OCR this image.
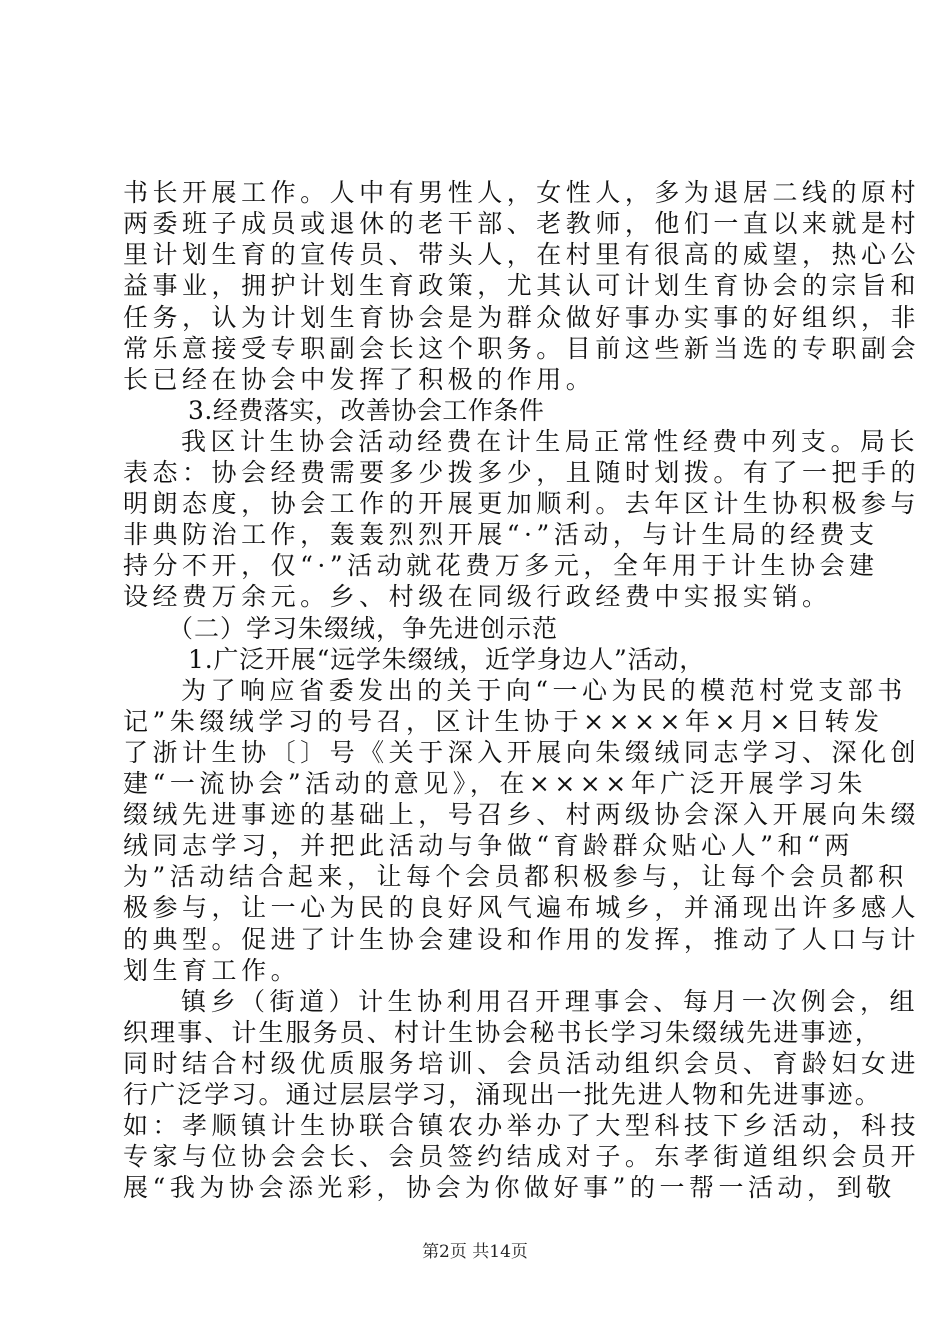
书长开展工作。人中有男性人，女性人，多为退居二线的原村
两委班子成员或退休的老干部、老教师，他们一直以来就是村
里计划生育的宣传员、带头人，在村里有很高的威望，热心公
益事业，拥护计划生育政策，尤其认可计划生育协会的宗旨和
任务，认为计划生育协会是为群众做好事办实事的好组织，非
常乐意接受专职副会长这个职务。目前这些新当选的专职副会
长已经在协会中发挥了积极的作用。
3.经费落实，改善协会工作条件
我区计生协会活动经费在计生局正常性经费中列支。局长
表态：协会经费需要多少拨多少，且随时划拨。有了一把手的
明朗态度，协会工作的开展更加顺利。去年区计生协积极参与
非典防治工作，轰轰烈烈开展“·”活动，与计生局的经费支
持分不开，仅“·”活动就花费万多元，全年用于计生协会建
设经费万余元。乡、村级在同级行政经费中实报实销。
（二）学习朱缀绒，争先进创示范
1.广泛开展“远学朱缀绒，近学身边人”活动，
为了响应省委发出的关于向“一心为民的模范村党支部书
记”朱缀绒学习的号召，区计生协于××××年×月×日转发
了浙计生协〔〕号《关于深入开展向朱缀绒同志学习、深化创
建“一流协会”活动的意见》，在××××年广泛开展学习朱
缀绒先进事迹的基础上，号召乡、村两级协会深入开展向朱缀
绒同志学习，并把此活动与争做“育龄群众贴心人”和“两
为”活动结合起来，让每个会员都积极参与，让每个会员都积
极参与，让一心为民的良好风气遍布城乡，并涌现出许多感人
的典型。促进了计生协会建设和作用的发挥，推动了人口与计
划生育工作。
镇乡（街道）计生协利用召开理事会、每月一次例会，组
织理事、计生服务员、村计生协会秘书长学习朱缀绒先进事迹，
同时结合村级优质服务培训、会员活动组织会员、育龄妇女进
行广泛学习。通过层层学习，涌现出一批先进人物和先进事迹。
如：孝顺镇计生协联合镇农办举办了大型科技下乡活动，科技
专家与位协会会长、会员签约结成对子。东孝街道组织会员开
展“我为协会添光彩，协会为你做好事”的一帮一活动，到敬
第2页 共14页
